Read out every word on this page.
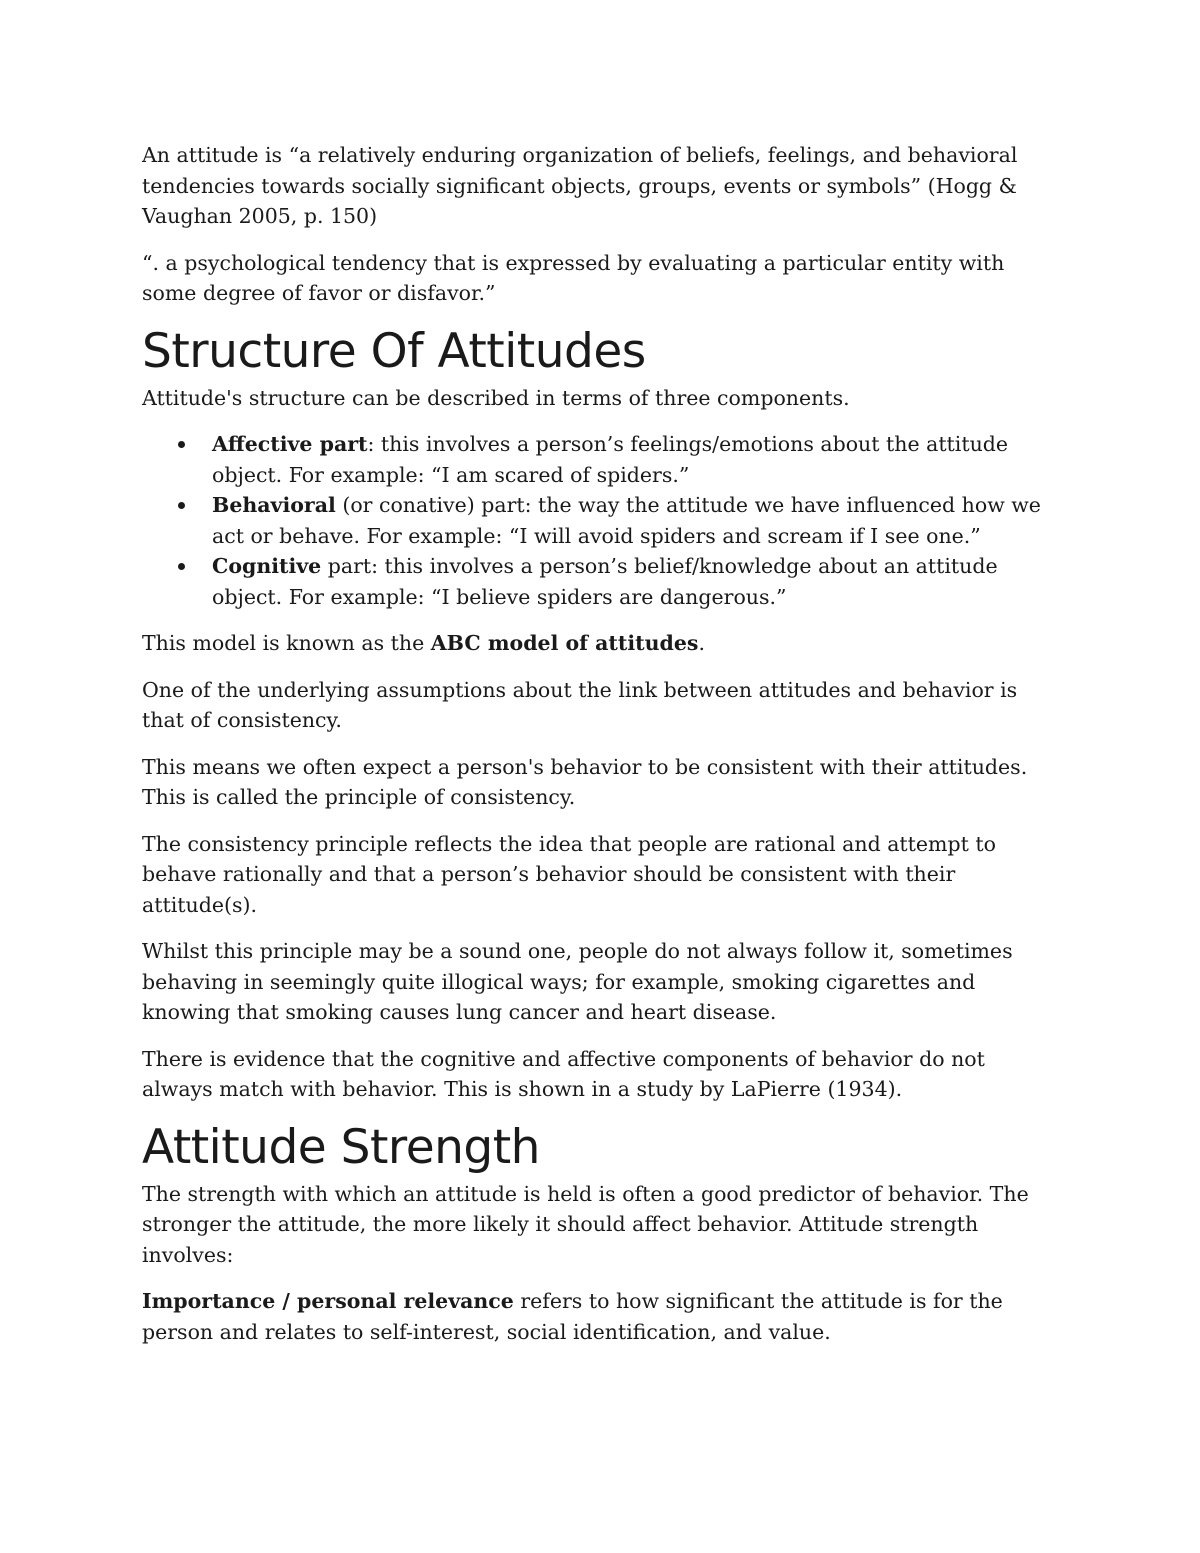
An attitude is “a relatively enduring organization of beliefs, feelings, and behavioral tendencies towards socially significant objects, groups, events or symbols” (Hogg & Vaughan 2005, p. 150)

“. a psychological tendency that is expressed by evaluating a particular entity with some degree of favor or disfavor.”

Structure Of Attitudes

Attitude's structure can be described in terms of three components.

Affective part: this involves a person’s feelings/emotions about the attitude object. For example: “I am scared of spiders.”
Behavioral (or conative) part: the way the attitude we have influenced how we act or behave. For example: “I will avoid spiders and scream if I see one.”
Cognitive part: this involves a person’s belief/knowledge about an attitude object. For example: “I believe spiders are dangerous.”

This model is known as the ABC model of attitudes.

One of the underlying assumptions about the link between attitudes and behavior is that of consistency.

This means we often expect a person's behavior to be consistent with their attitudes. This is called the principle of consistency.

The consistency principle reflects the idea that people are rational and attempt to behave rationally and that a person’s behavior should be consistent with their attitude(s).

Whilst this principle may be a sound one, people do not always follow it, sometimes behaving in seemingly quite illogical ways; for example, smoking cigarettes and knowing that smoking causes lung cancer and heart disease.

There is evidence that the cognitive and affective components of behavior do not always match with behavior. This is shown in a study by LaPierre (1934).

Attitude Strength

The strength with which an attitude is held is often a good predictor of behavior. The stronger the attitude, the more likely it should affect behavior. Attitude strength involves:

Importance / personal relevance refers to how significant the attitude is for the person and relates to self-interest, social identification, and value.
